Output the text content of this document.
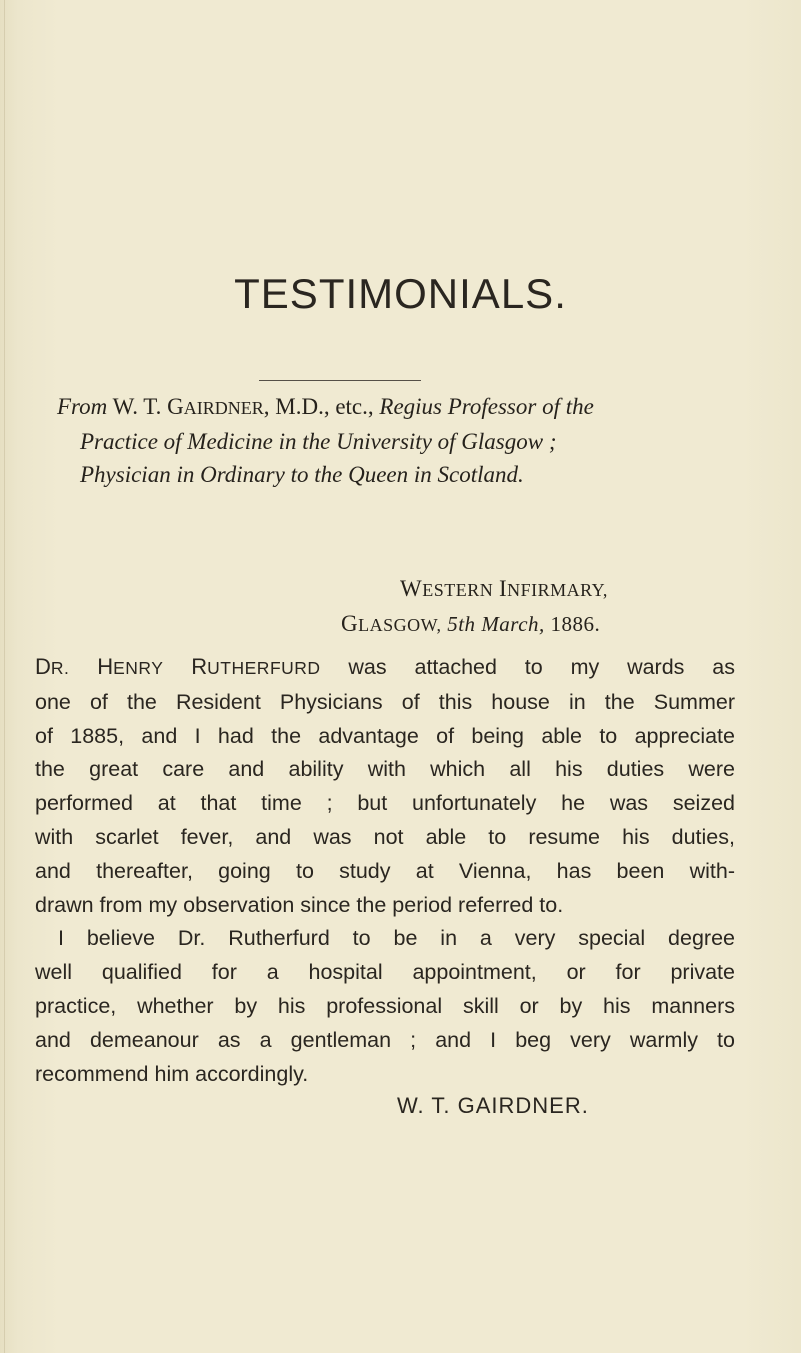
TESTIMONIALS.
From W. T. GAIRDNER, M.D., etc., Regius Professor of the
Practice of Medicine in the University of Glasgow ;
Physician in Ordinary to the Queen in Scotland.
WESTERN INFIRMARY,
GLASGOW, 5th March, 1886.
DR. HENRY RUTHERFURD was attached to my wards as
one of the Resident Physicians of this house in the Summer
of 1885, and I had the advantage of being able to appreciate
the great care and ability with which all his duties were
performed at that time ; but unfortunately he was seized
with scarlet fever, and was not able to resume his duties,
and thereafter, going to study at Vienna, has been with-
drawn from my observation since the period referred to.
I believe Dr. Rutherfurd to be in a very special degree
well qualified for a hospital appointment, or for private
practice, whether by his professional skill or by his manners
and demeanour as a gentleman ; and I beg very warmly to
recommend him accordingly.
W. T. GAIRDNER.
